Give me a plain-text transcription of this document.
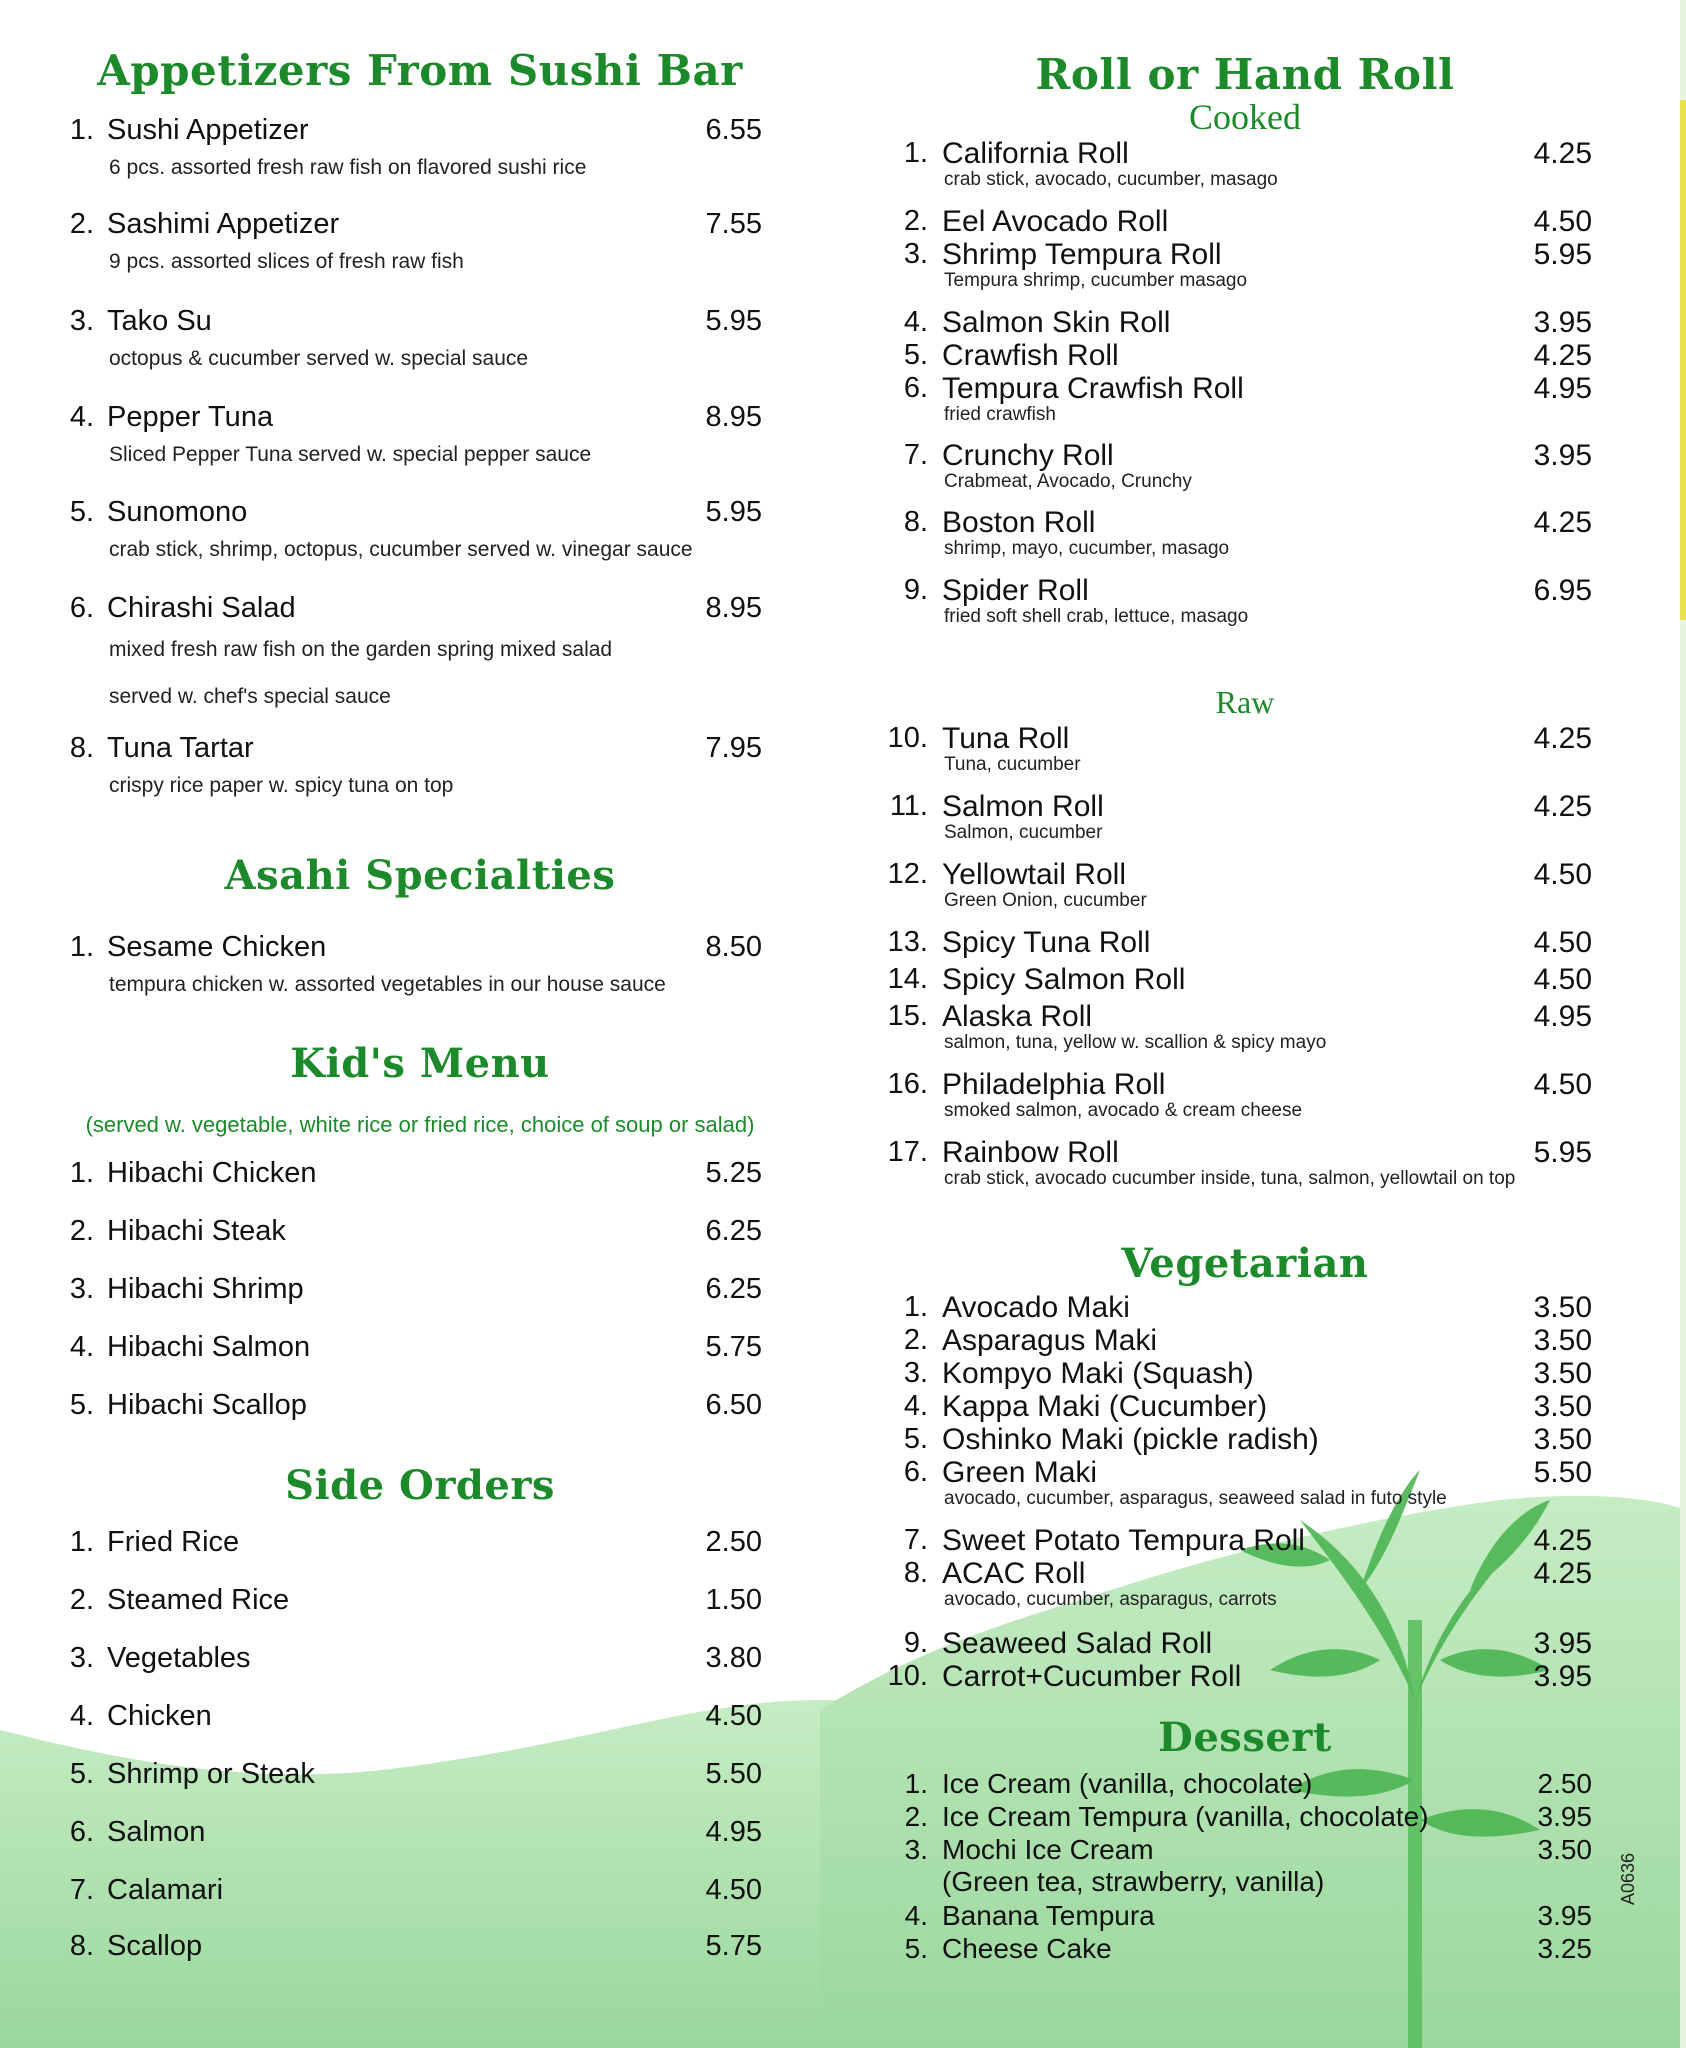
Appetizers From Sushi Bar
1. Sushi Appetizer	6.55
6 pcs. assorted fresh raw fish on flavored sushi rice
2. Sashimi Appetizer	7.55
9 pcs. assorted slices of fresh raw fish
3. Tako Su	5.95
octopus & cucumber served w. special sauce
4. Pepper Tuna	8.95
Sliced Pepper Tuna served w. special pepper sauce
5. Sunomono	5.95
crab stick, shrimp, octopus, cucumber served w. vinegar sauce
6. Chirashi Salad	8.95
mixed fresh raw fish on the garden spring mixed salad served w. chef's special sauce
8. Tuna Tartar	7.95
crispy rice paper w. spicy tuna on top
Asahi Specialties
1. Sesame Chicken	8.50
tempura chicken w. assorted vegetables in our house sauce
Kid's Menu
(served w. vegetable, white rice or fried rice, choice of soup or salad)
1. Hibachi Chicken	5.25
2. Hibachi Steak	6.25
3. Hibachi Shrimp	6.25
4. Hibachi Salmon	5.75
5. Hibachi Scallop	6.50
Side Orders
1. Fried Rice	2.50
2. Steamed Rice	1.50
3. Vegetables	3.80
4. Chicken	4.50
5. Shrimp or Steak	5.50
6. Salmon	4.95
7. Calamari	4.50
8. Scallop	5.75
Roll or Hand Roll
Cooked
1. California Roll	4.25
crab stick, avocado, cucumber, masago
2. Eel Avocado Roll	4.50
3. Shrimp Tempura Roll	5.95
Tempura shrimp, cucumber masago
4. Salmon Skin Roll	3.95
5. Crawfish Roll	4.25
6. Tempura Crawfish Roll	4.95
fried crawfish
7. Crunchy Roll	3.95
Crabmeat, Avocado, Crunchy
8. Boston Roll	4.25
shrimp, mayo, cucumber, masago
9. Spider Roll	6.95
fried soft shell crab, lettuce, masago
Raw
10. Tuna Roll	4.25
Tuna, cucumber
11. Salmon Roll	4.25
Salmon, cucumber
12. Yellowtail Roll	4.50
Green Onion, cucumber
13. Spicy Tuna Roll	4.50
14. Spicy Salmon Roll	4.50
15. Alaska Roll	4.95
salmon, tuna, yellow w. scallion & spicy mayo
16. Philadelphia Roll	4.50
smoked salmon, avocado & cream cheese
17. Rainbow Roll	5.95
crab stick, avocado cucumber inside, tuna, salmon, yellowtail on top
Vegetarian
1. Avocado Maki	3.50
2. Asparagus Maki	3.50
3. Kompyo Maki (Squash)	3.50
4. Kappa Maki (Cucumber)	3.50
5. Oshinko Maki (pickle radish)	3.50
6. Green Maki	5.50
avocado, cucumber, asparagus, seaweed salad in futo style
7. Sweet Potato Tempura Roll	4.25
8. ACAC Roll	4.25
avocado, cucumber, asparagus, carrots
9. Seaweed Salad Roll	3.95
10. Carrot+Cucumber Roll	3.95
Dessert
1. Ice Cream (vanilla, chocolate)	2.50
2. Ice Cream Tempura (vanilla, chocolate)	3.95
3. Mochi Ice Cream	3.50
(Green tea, strawberry, vanilla)
4. Banana Tempura	3.95
5. Cheese Cake	3.25
A0636
